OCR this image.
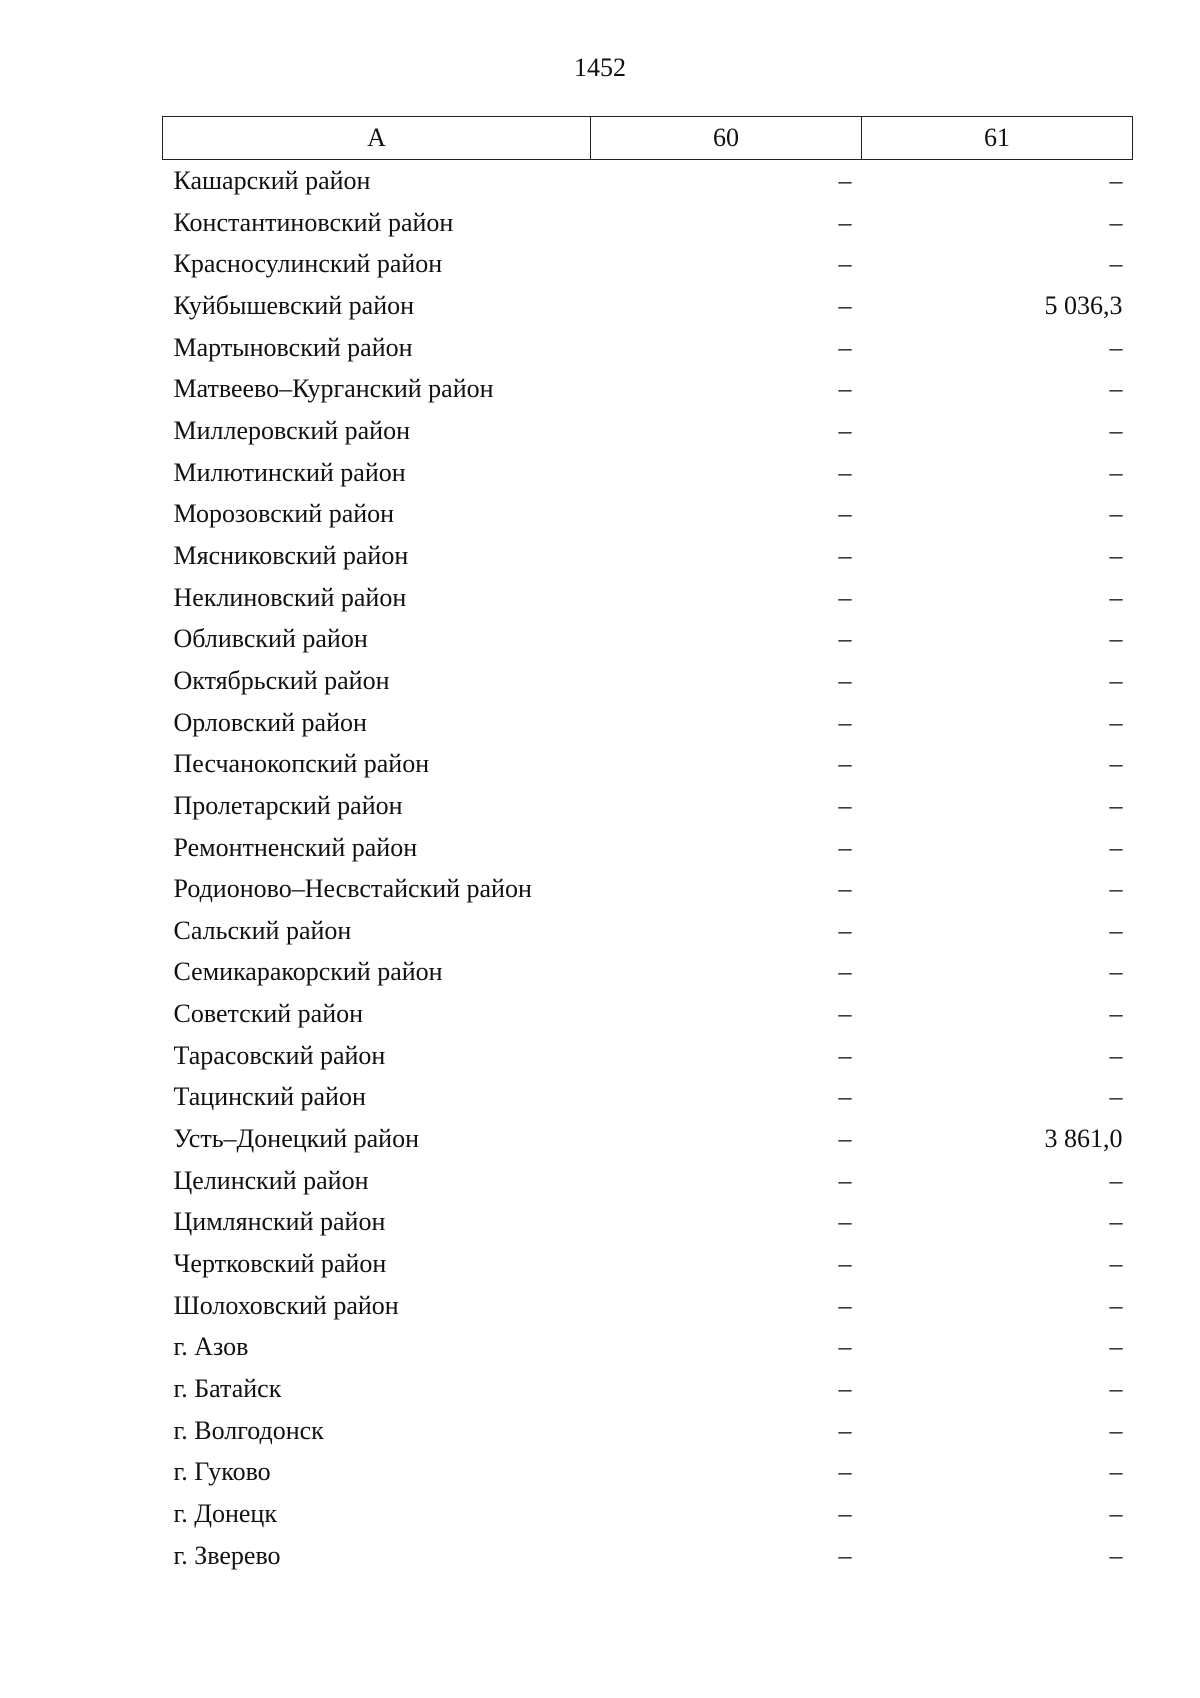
1452
А	60	61
Кашарский район	–	–
Константиновский район	–	–
Красносулинский район	–	–
Куйбышевский район	–	5 036,3
Мартыновский район	–	–
Матвеево–Курганский район	–	–
Миллеровский район	–	–
Милютинский район	–	–
Морозовский район	–	–
Мясниковский район	–	–
Неклиновский район	–	–
Обливский район	–	–
Октябрьский район	–	–
Орловский район	–	–
Песчанокопский район	–	–
Пролетарский район	–	–
Ремонтненский район	–	–
Родионово–Несвстайский район	–	–
Сальский район	–	–
Семикаракорский район	–	–
Советский район	–	–
Тарасовский район	–	–
Тацинский район	–	–
Усть–Донецкий район	–	3 861,0
Целинский район	–	–
Цимлянский район	–	–
Чертковский район	–	–
Шолоховский район	–	–
г. Азов	–	–
г. Батайск	–	–
г. Волгодонск	–	–
г. Гуково	–	–
г. Донецк	–	–
г. Зверево	–	–
